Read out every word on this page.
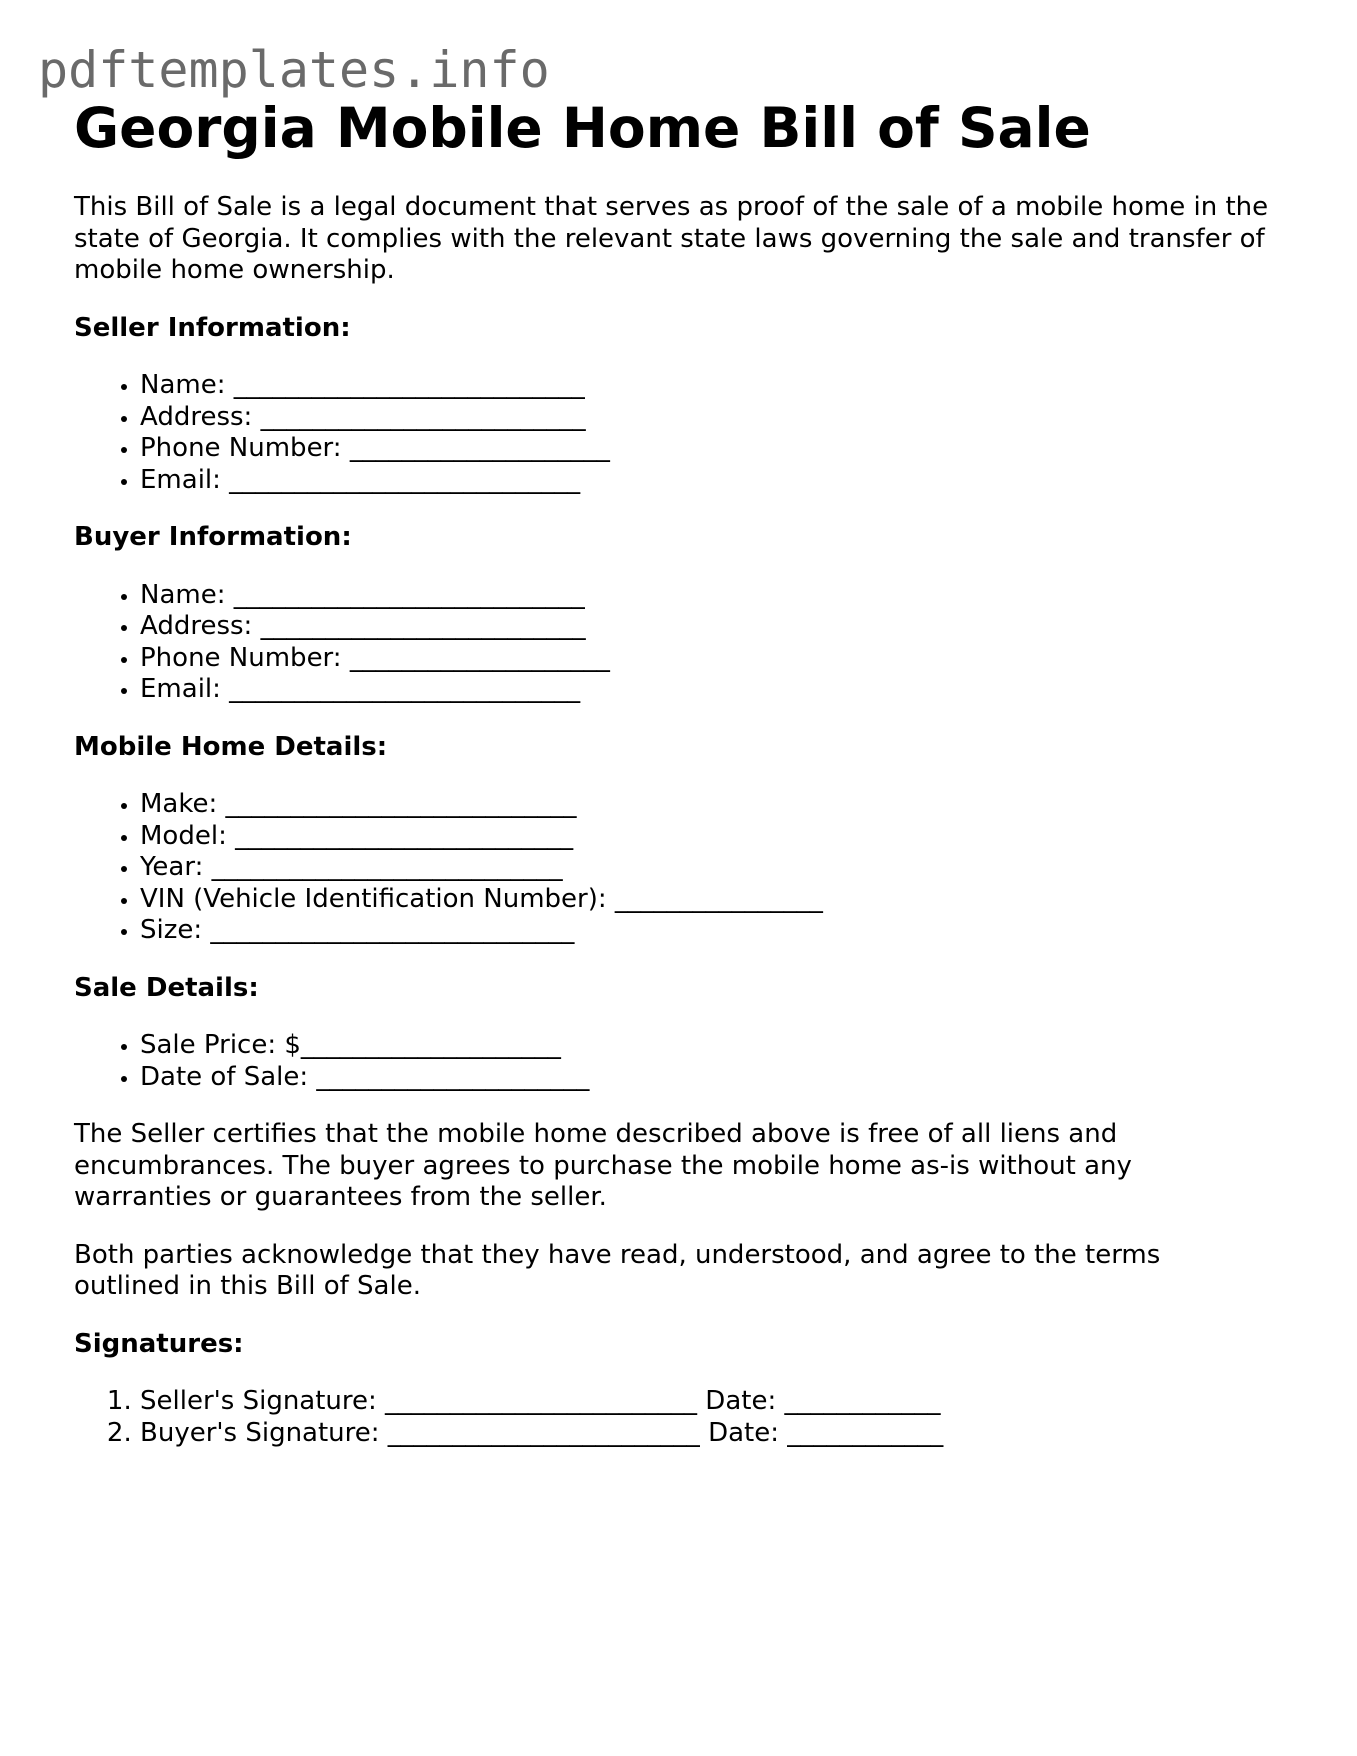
pdftemplates.info
Georgia Mobile Home Bill of Sale

This Bill of Sale is a legal document that serves as proof of the sale of a mobile home in the state of Georgia. It complies with the relevant state laws governing the sale and transfer of mobile home ownership.

Seller Information:
• Name: ___________________________
• Address: _________________________
• Phone Number: ____________________
• Email: ___________________________
Buyer Information:
• Name: ___________________________
• Address: _________________________
• Phone Number: ____________________
• Email: ___________________________
Mobile Home Details:
• Make: ___________________________
• Model: __________________________
• Year: ___________________________
• VIN (Vehicle Identification Number): ________________
• Size: ____________________________
Sale Details:
• Sale Price: $____________________
• Date of Sale: _____________________

The Seller certifies that the mobile home described above is free of all liens and encumbrances. The buyer agrees to purchase the mobile home as-is without any warranties or guarantees from the seller.

Both parties acknowledge that they have read, understood, and agree to the terms outlined in this Bill of Sale.

Signatures:
1. Seller's Signature: ________________________ Date: ____________
2. Buyer's Signature: ________________________ Date: ____________
